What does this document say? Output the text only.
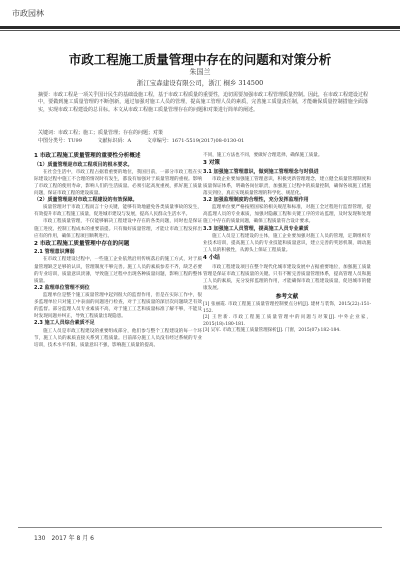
市政园林
市政工程施工质量管理中存在的问题和对策分析
朱国兰
浙江宝森建设有限公司，浙江 桐乡 314500
摘要：市政工程是一项关乎国计民生的基础设施工程，基于市政工程质量的重要性，迫切需要加强市政工程管理质量控制。因此，在市政工程建设过程中，要做到施工质量管理的不断创新，通过加强对施工人员的管理，提高施工管理人员的素质，完善施工质量责任制，才能确保质量控制措施全面落实，实现市政工程建设的总目标。本文从市政工程施工质量管理存在的问题和对策进行简单的阐述。
关键词：市政工程；施工；质量管理；存在的问题；对策
中图分类号：TU99	文献标识码：A	文章编号：1671-5519(2017)08-0130-01
1 市政工程施工质量管理的重要性分析概述
（1）质量管理是市政工程项目的根本要求。

在社会生活中，市政工程占据着重要的地位，我国目前，一部分市政工程在实际建设过程中施工不合理的情况时有发生，都没有加强对于质量管理的重视。影响了市政工程的使用寿命，影响人们的生活质量。必须引起高度重视，抓好施工质量问题，保证市政工程的建设质量。

（2）质量管理是对市政工程建设的有效保障。

质量管理对于市政工程而言十分关键，能够有效地避免各类质量事故的发生，有效提升市政工程施工质量，促进城市建设与发展，提高人民群众生活水平。

市政工程质量管理，不仅能够解决工程建设中存在的各类问题，同时也是保证施工进度、控制工程成本的重要前提。只有做好质量管理，才能让市政工程发挥出应有的作用，确保工程项目顺利进行。

2 市政工程施工质量管理中存在的问题
2.1 管理意识薄弱

在市政工程建设过程中，一些施工企业依然沿用传统落后的施工方式，对于质量管理缺乏足够的认识，管理制度不够完善。施工人员的素质参差不齐，缺乏必要的专业培训，质量意识淡薄，导致施工过程中出现各种质量问题，影响工程的整体质量。

2.2 监理单位管理不到位

监理单位是整个施工质量管理中起到很大的监督作用，但是在实际工作中，很多监理单位只对施工中表面的问题进行检查，对于工程质量的深层次问题缺乏有效的监督。部分监理人员专业素质不高，对于施工工艺和质量标准了解不够，不能及时发现问题并纠正，导致工程质量出现隐患。

2.3 施工人员综合素质不足

施工人员是市政工程建设的重要组成部分，他们参与整个工程建设的每一个环节，施工人员的素质直接关系到工程质量。目前部分施工人员没有经过系统的专业培训，技术水平有限，质量意识不强，影响施工质量的提高。

不同，施工方法也不同，要做好合理选择，确保施工质量。

3 对策
3.1 加强施工管理意识，做到施工管理理念与时俱进

市政企业要加强施工管理意识，积极更新管理理念，建立健全质量管理制度和质量保证体系，明确各岗位职责，加强施工过程中的质量控制，确保各项施工措施落实到位，真正实现质量管理的科学化、规范化。

3.2 加强监理制度的合理性，充分发挥监理作用

监理单位要严格按照国家的相关规范和标准，对施工全过程进行监督管理，提高监理人员的专业素质，加强对隐蔽工程和关键工序的旁站监理，及时发现和处理施工中存在的质量问题，确保工程质量符合设计要求。

3.3 加强施工人员管理，提高施工人员专业素质

施工人员是工程建设的主体，施工企业要加强对施工人员的管理，定期组织专业技术培训，提高施工人员的专业技能和质量意识，建立完善的奖惩机制，调动施工人员的积极性，从源头上保证工程质量。

4 小结

市政工程建设项目在整个现代化城市建设发展中占据重要地位，加强施工质量管理是保证市政工程质量的关键。只有不断完善质量管理体系，提高管理人员和施工人员的素质，充分发挥监理的作用，才能确保市政工程建设质量，促进城市的健康发展。

参考文献

[1] 张丽霞. 市政工程施工质量管理控制要点分析[J]. 建材与装饰，2015(22):151-152.

[2] 王世新. 市政工程施工质量管理中的问题与对策[J]. 中外企业家，2015(18):180-181.

[3] 吴军. 市政工程施工质量管理探析[J]. 门窗，2015(07):182-184.

130　2017 年 8 月 6
